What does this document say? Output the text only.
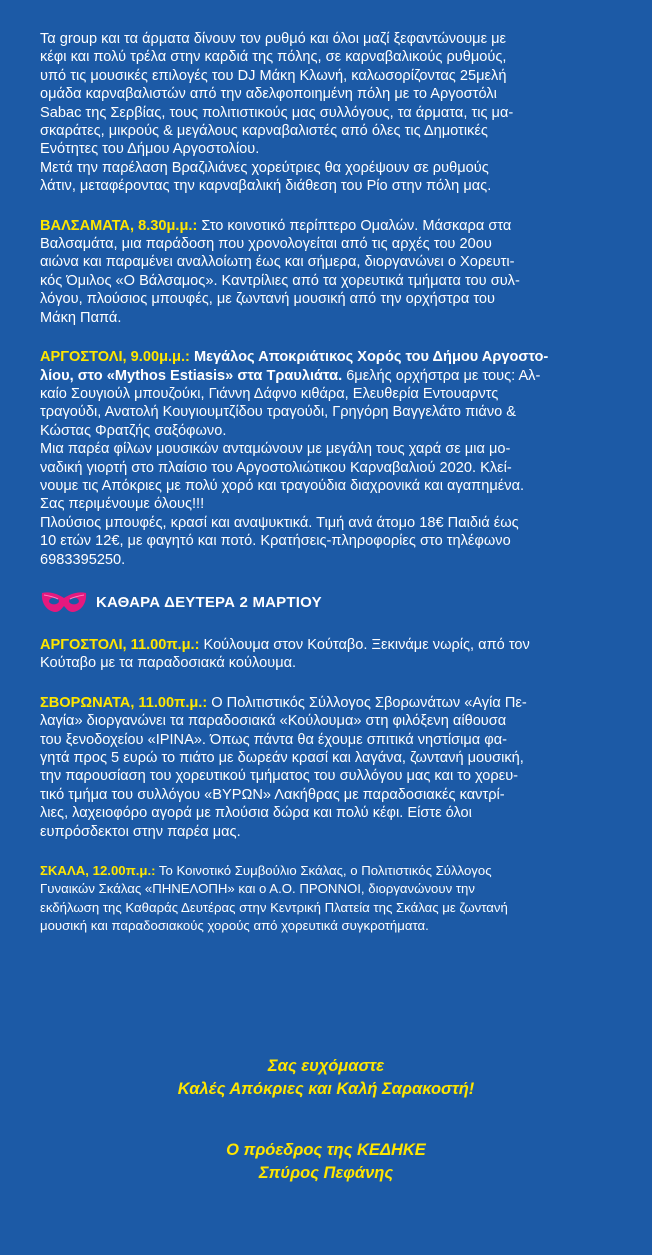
Τα group και τα άρματα δίνουν τον ρυθμό και όλοι μαζί ξεφαντώνουμε με
κέφι και πολύ τρέλα στην καρδιά της πόλης, σε καρναβαλικούς ρυθμούς,
υπό τις μουσικές επιλογές του DJ Μάκη Κλωνή, καλωσορίζοντας 25μελή
ομάδα καρναβαλιστών από την αδελφοποιημένη πόλη με το Αργοστόλι
Sabac της Σερβίας, τους πολιτιστικούς μας συλλόγους, τα άρματα, τις μα-
σκαράτες, μικρούς & μεγάλους καρναβαλιστές από όλες τις Δημοτικές
Ενότητες του Δήμου Αργοστολίου.
Μετά την παρέλαση Βραζιλιάνες χορεύτριες θα χορέψουν σε ρυθμούς
λάτιν, μεταφέροντας την καρναβαλική διάθεση του Ρίο στην πόλη μας.

ΒΑΛΣΑΜΑΤΑ, 8.30μ.μ.: Στο κοινοτικό περίπτερο Ομαλών. Μάσκαρα στα
Βαλσαμάτα, μια παράδοση που χρονολογείται από τις αρχές του 20ου
αιώνα και παραμένει αναλλοίωτη έως και σήμερα, διοργανώνει ο Χορευτι-
κός Όμιλος «Ο Βάλσαμος». Καντρίλιες από τα χορευτικά τμήματα του συλ-
λόγου, πλούσιος μπουφές, με ζωντανή μουσική από την ορχήστρα του
Μάκη Παπά.

ΑΡΓΟΣΤΟΛΙ, 9.00μ.μ.: Μεγάλος Αποκριάτικος Χορός του Δήμου Αργοστο-
λίου, στο «Mythos Estiasis» στα Τραυλιάτα. 6μελής ορχήστρα με τους: Αλ-
καίο Σουγιούλ μπουζούκι, Γιάννη Δάφνο κιθάρα, Ελευθερία Εντουαρντς
τραγούδι, Ανατολή Κουγιουμτζίδου τραγούδι, Γρηγόρη Βαγγελάτο πιάνο &
Κώστας Φρατζής σαξόφωνο.
Μια παρέα φίλων μουσικών ανταμώνουν με μεγάλη τους χαρά σε μια μο-
ναδική γιορτή στο πλαίσιο του Αργοστολιώτικου Καρναβαλιού 2020. Κλεί-
νουμε τις Απόκριες με πολύ χορό και τραγούδια διαχρονικά και αγαπημένα.
Σας περιμένουμε όλους!!!
Πλούσιος μπουφές, κρασί και αναψυκτικά. Τιμή ανά άτομο 18€ Παιδιά έως
10 ετών 12€, με φαγητό και ποτό. Κρατήσεις-πληροφορίες στο τηλέφωνο
6983395250.

ΚΑΘΑΡΑ ΔΕΥΤΕΡΑ 2 ΜΑΡΤΙΟΥ

ΑΡΓΟΣΤΟΛΙ, 11.00π.μ.: Κούλουμα στον Κούταβο. Ξεκινάμε νωρίς, από τον
Κούταβο με τα παραδοσιακά κούλουμα.

ΣΒΟΡΩΝΑΤΑ, 11.00π.μ.: Ο Πολιτιστικός Σύλλογος Σβορωνάτων «Αγία Πε-
λαγία» διοργανώνει τα παραδοσιακά «Κούλουμα» στη φιλόξενη αίθουσα
του ξενοδοχείου «IPINA». Όπως πάντα θα έχουμε σπιτικά νηστίσιμα φα-
γητά προς 5 ευρώ το πιάτο με δωρεάν κρασί και λαγάνα, ζωντανή μουσική,
την παρουσίαση του χορευτικού τμήματος του συλλόγου μας και το χορευ-
τικό τμήμα του συλλόγου «ΒΥΡΩΝ» Λακήθρας με παραδοσιακές καντρί-
λιες, λαχειοφόρο αγορά με πλούσια δώρα και πολύ κέφι. Είστε όλοι
ευπρόσδεκτοι στην παρέα μας.

ΣΚΑΛΑ, 12.00π.μ.: Το Κοινοτικό Συμβούλιο Σκάλας, ο Πολιτιστικός Σύλλογος
Γυναικών Σκάλας «ΠΗΝΕΛΟΠΗ» και ο Α.Ο. ΠΡΟΝΝΟΙ, διοργανώνουν την
εκδήλωση της Καθαράς Δευτέρας στην Κεντρική Πλατεία της Σκάλας με ζωντανή
μουσική και παραδοσιακούς χορούς από χορευτικά συγκροτήματα.

Σας ευχόμαστε
Καλές Απόκριες και Καλή Σαρακοστή!
Ο πρόεδρος της ΚΕΔΗΚΕ
Σπύρος Πεφάνης
